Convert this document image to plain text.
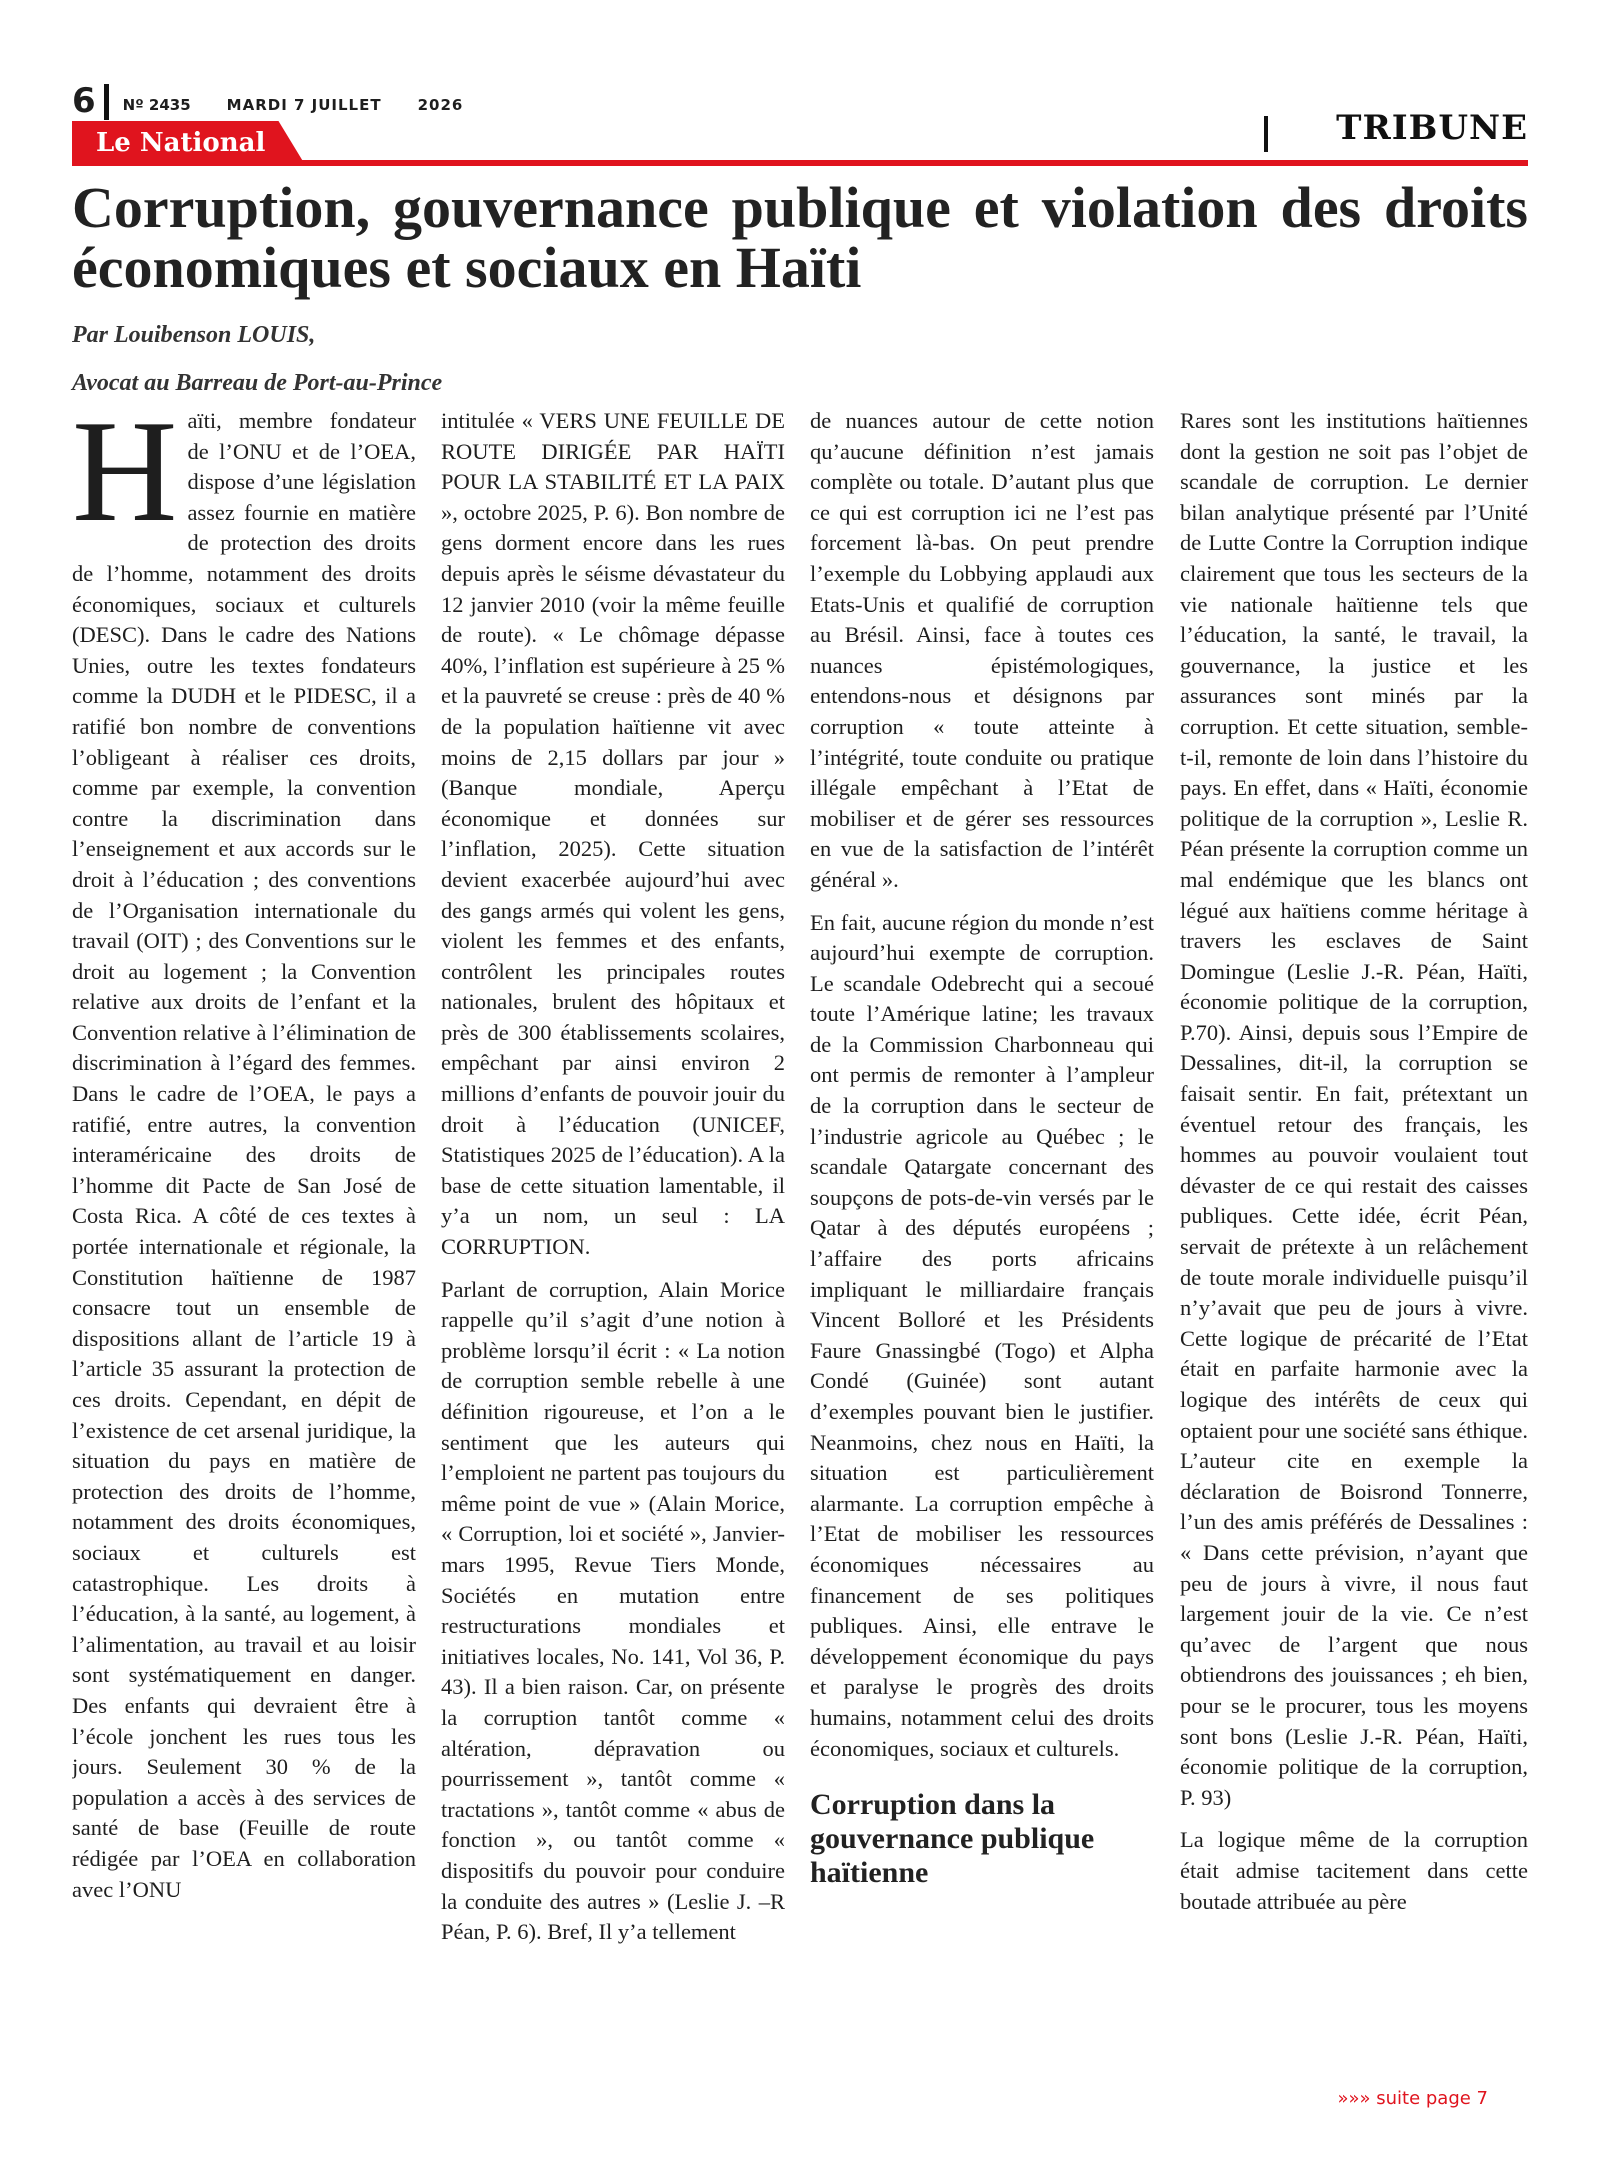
6 Nº 2435 MARDI 7 JUILLET 2026
Le National	TRIBUNE
Corruption, gouvernance publique et violation des droits économiques et sociaux en Haïti
Par Louibenson LOUIS,
Avocat au Barreau de Port-au-Prince

Haïti, membre fondateur de l’ONU et de l’OEA, dispose d’une législation assez fournie en matière de protection des droits de l’homme, notamment des droits économiques, sociaux et culturels (DESC). Dans le cadre des Nations Unies, outre les textes fondateurs comme la DUDH et le PIDESC, il a ratifié bon nombre de conventions l’obligeant à réaliser ces droits, comme par exemple, la convention contre la discrimination dans l’enseignement et aux accords sur le droit à l’éducation ; des conventions de l’Organisation internationale du travail (OIT) ; des Conventions sur le droit au logement ; la Convention relative aux droits de l’enfant et la Convention relative à l’élimination de discrimination à l’égard des femmes. Dans le cadre de l’OEA, le pays a ratifié, entre autres, la convention interaméricaine des droits de l’homme dit Pacte de San José de Costa Rica. A côté de ces textes à portée internationale et régionale, la Constitution haïtienne de 1987 consacre tout un ensemble de dispositions allant de l’article 19 à l’article 35 assurant la protection de ces droits. Cependant, en dépit de l’existence de cet arsenal juridique, la situation du pays en matière de protection des droits de l’homme, notamment des droits économiques, sociaux et culturels est catastrophique. Les droits à l’éducation, à la santé, au logement, à l’alimentation, au travail et au loisir sont systématiquement en danger. Des enfants qui devraient être à l’école jonchent les rues tous les jours. Seulement 30 % de la population a accès à des services de santé de base (Feuille de route rédigée par l’OEA en collaboration avec l’ONU

intitulée « VERS UNE FEUILLE DE ROUTE DIRIGÉE PAR HAÏTI POUR LA STABILITÉ ET LA PAIX », octobre 2025, P. 6). Bon nombre de gens dorment encore dans les rues depuis après le séisme dévastateur du 12 janvier 2010 (voir la même feuille de route). « Le chômage dépasse 40%, l’inflation est supérieure à 25 % et la pauvreté se creuse : près de 40 % de la population haïtienne vit avec moins de 2,15 dollars par jour » (Banque mondiale, Aperçu économique et données sur l’inflation, 2025). Cette situation devient exacerbée aujourd’hui avec des gangs armés qui volent les gens, violent les femmes et des enfants, contrôlent les principales routes nationales, brulent des hôpitaux et près de 300 établissements scolaires, empêchant par ainsi environ 2 millions d’enfants de pouvoir jouir du droit à l’éducation (UNICEF, Statistiques 2025 de l’éducation). A la base de cette situation lamentable, il y’a un nom, un seul : LA CORRUPTION.

Parlant de corruption, Alain Morice rappelle qu’il s’agit d’une notion à problème lorsqu’il écrit : « La notion de corruption semble rebelle à une définition rigoureuse, et l’on a le sentiment que les auteurs qui l’emploient ne partent pas toujours du même point de vue » (Alain Morice, « Corruption, loi et société », Janvier-mars 1995, Revue Tiers Monde, Sociétés en mutation entre restructurations mondiales et initiatives locales, No. 141, Vol 36, P. 43). Il a bien raison. Car, on présente la corruption tantôt comme « altération, dépravation ou pourrissement », tantôt comme « tractations », tantôt comme « abus de fonction », ou tantôt comme « dispositifs du pouvoir pour conduire la conduite des autres » (Leslie J. –R Péan, P. 6). Bref, Il y’a tellement

de nuances autour de cette notion qu’aucune définition n’est jamais complète ou totale. D’autant plus que ce qui est corruption ici ne l’est pas forcement là-bas. On peut prendre l’exemple du Lobbying applaudi aux Etats-Unis et qualifié de corruption au Brésil. Ainsi, face à toutes ces nuances épistémologiques, entendons-nous et désignons par corruption « toute atteinte à l’intégrité, toute conduite ou pratique illégale empêchant à l’Etat de mobiliser et de gérer ses ressources en vue de la satisfaction de l’intérêt général ».

En fait, aucune région du monde n’est aujourd’hui exempte de corruption. Le scandale Odebrecht qui a secoué toute l’Amérique latine; les travaux de la Commission Charbonneau qui ont permis de remonter à l’ampleur de la corruption dans le secteur de l’industrie agricole au Québec ; le scandale Qatargate concernant des soupçons de pots-de-vin versés par le Qatar à des députés européens ; l’affaire des ports africains impliquant le milliardaire français Vincent Bolloré et les Présidents Faure Gnassingbé (Togo) et Alpha Condé (Guinée) sont autant d’exemples pouvant bien le justifier. Neanmoins, chez nous en Haïti, la situation est particulièrement alarmante. La corruption empêche à l’Etat de mobiliser les ressources économiques nécessaires au financement de ses politiques publiques. Ainsi, elle entrave le développement économique du pays et paralyse le progrès des droits humains, notamment celui des droits économiques, sociaux et culturels.

Corruption dans la gouvernance publique haïtienne

Rares sont les institutions haïtiennes dont la gestion ne soit pas l’objet de scandale de corruption. Le dernier bilan analytique présenté par l’Unité de Lutte Contre la Corruption indique clairement que tous les secteurs de la vie nationale haïtienne tels que l’éducation, la santé, le travail, la gouvernance, la justice et les assurances sont minés par la corruption. Et cette situation, semble-t-il, remonte de loin dans l’histoire du pays. En effet, dans « Haïti, économie politique de la corruption », Leslie R. Péan présente la corruption comme un mal endémique que les blancs ont légué aux haïtiens comme héritage à travers les esclaves de Saint Domingue (Leslie J.-R. Péan, Haïti, économie politique de la corruption, P.70). Ainsi, depuis sous l’Empire de Dessalines, dit-il, la corruption se faisait sentir. En fait, prétextant un éventuel retour des français, les hommes au pouvoir voulaient tout dévaster de ce qui restait des caisses publiques. Cette idée, écrit Péan, servait de prétexte à un relâchement de toute morale individuelle puisqu’il n’y’avait que peu de jours à vivre. Cette logique de précarité de l’Etat était en parfaite harmonie avec la logique des intérêts de ceux qui optaient pour une société sans éthique. L’auteur cite en exemple la déclaration de Boisrond Tonnerre, l’un des amis préférés de Dessalines : « Dans cette prévision, n’ayant que peu de jours à vivre, il nous faut largement jouir de la vie. Ce n’est qu’avec de l’argent que nous obtiendrons des jouissances ; eh bien, pour se le procurer, tous les moyens sont bons (Leslie J.-R. Péan, Haïti, économie politique de la corruption, P. 93)

La logique même de la corruption était admise tacitement dans cette boutade attribuée au père

»»» suite page 7
